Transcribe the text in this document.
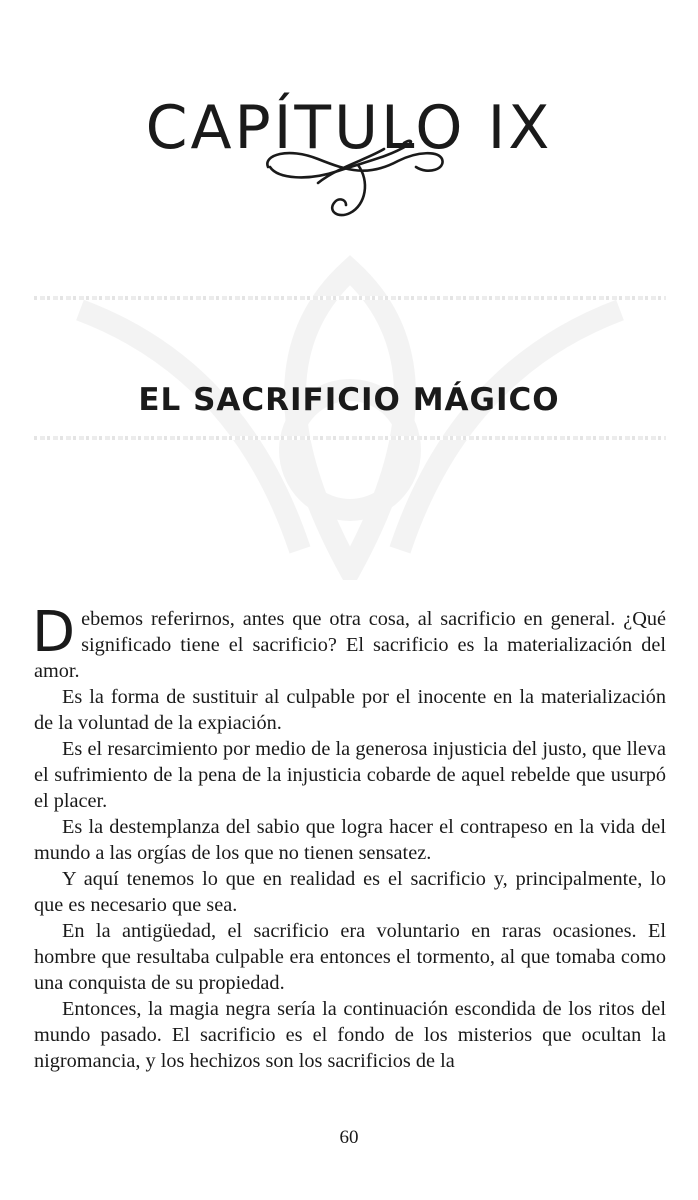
CAPÍTULO IX
EL SACRIFICIO MÁGICO

Debemos referirnos, antes que otra cosa, al sacrificio en general. ¿Qué significado tiene el sacrificio? El sacrificio es la materialización del amor.

Es la forma de sustituir al culpable por el inocente en la materialización de la voluntad de la expiación.

Es el resarcimiento por medio de la generosa injusticia del justo, que lleva el sufrimiento de la pena de la injusticia cobarde de aquel rebelde que usurpó el placer.

Es la destemplanza del sabio que logra hacer el contrapeso en la vida del mundo a las orgías de los que no tienen sensatez.

Y aquí tenemos lo que en realidad es el sacrificio y, principalmente, lo que es necesario que sea.

En la antigüedad, el sacrificio era voluntario en raras ocasiones. El hombre que resultaba culpable era entonces el tormento, al que tomaba como una conquista de su propiedad.

Entonces, la magia negra sería la continuación escondida de los ritos del mundo pasado. El sacrificio es el fondo de los misterios que ocultan la nigromancia, y los hechizos son los sacrificios de la

60
